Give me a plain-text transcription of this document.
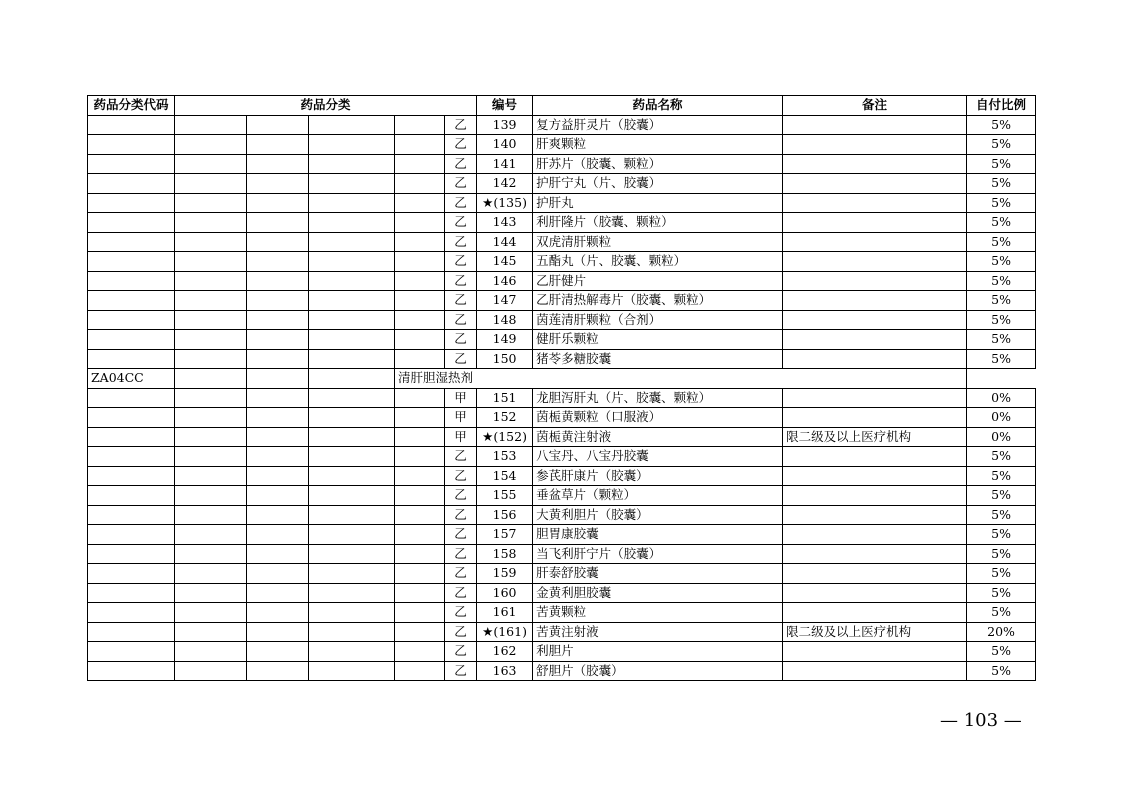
药品分类代码	药品分类					编号	药品名称	备注	自付比例
					乙	139	复方益肝灵片（胶囊）		5%
					乙	140	肝爽颗粒		5%
					乙	141	肝苏片（胶囊、颗粒）		5%
					乙	142	护肝宁丸（片、胶囊）		5%
					乙	★(135)	护肝丸		5%
					乙	143	利肝隆片（胶囊、颗粒）		5%
					乙	144	双虎清肝颗粒		5%
					乙	145	五酯丸（片、胶囊、颗粒）		5%
					乙	146	乙肝健片		5%
					乙	147	乙肝清热解毒片（胶囊、颗粒）		5%
					乙	148	茵莲清肝颗粒（合剂）		5%
					乙	149	健肝乐颗粒		5%
					乙	150	猪苓多糖胶囊		5%
ZA04CC				清肝胆湿热剂					
					甲	151	龙胆泻肝丸（片、胶囊、颗粒）		0%
					甲	152	茵栀黄颗粒（口服液）		0%
					甲	★(152)	茵栀黄注射液	限二级及以上医疗机构	0%
					乙	153	八宝丹、八宝丹胶囊		5%
					乙	154	参芪肝康片（胶囊）		5%
					乙	155	垂盆草片（颗粒）		5%
					乙	156	大黄利胆片（胶囊）		5%
					乙	157	胆胃康胶囊		5%
					乙	158	当飞利肝宁片（胶囊）		5%
					乙	159	肝泰舒胶囊		5%
					乙	160	金黄利胆胶囊		5%
					乙	161	苦黄颗粒		5%
					乙	★(161)	苦黄注射液	限二级及以上医疗机构	20%
					乙	162	利胆片		5%
					乙	163	舒胆片（胶囊）		5%
— 103 —
